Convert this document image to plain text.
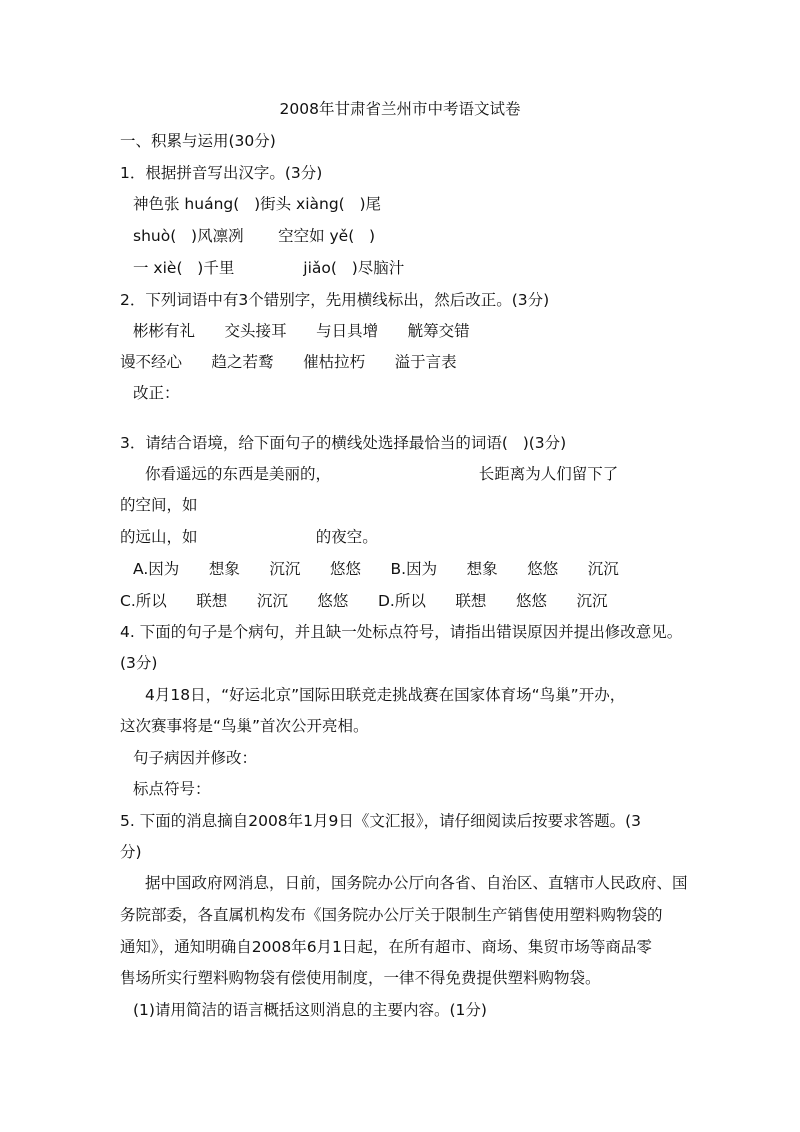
2008年甘肃省兰州市中考语文试卷
一、积累与运用(30分)
1．根据拼音写出汉字。(3分)
神色张 huáng(   )街头 xiàng(   )尾
shuò(   )风凛冽       空空如 yě(   )
一 xiè(   )千里              jiǎo(   )尽脑汁
2．下列词语中有3个错别字，先用横线标出，然后改正。(3分)
彬彬有礼      交头接耳      与日具增      觥筹交错
谩不经心      趋之若鹜      催枯拉朽      溢于言表
改正：
3．请结合语境，给下面句子的横线处选择最恰当的词语(   )(3分)
你看遥远的东西是美丽的，                              长距离为人们留下了
的空间，如
的远山，如                        的夜空。
A.因为      想象      沉沉      悠悠      B.因为      想象      悠悠      沉沉
C.所以      联想      沉沉      悠悠      D.所以      联想      悠悠      沉沉
4. 下面的句子是个病句，并且缺一处标点符号，请指出错误原因并提出修改意见。
(3分)
4月18日，“好运北京”国际田联竞走挑战赛在国家体育场“鸟巢”开办，
这次赛事将是“鸟巢”首次公开亮相。
句子病因并修改：
标点符号：
5. 下面的消息摘自2008年1月9日《文汇报》，请仔细阅读后按要求答题。(3
分)
据中国政府网消息，日前，国务院办公厅向各省、自治区、直辖市人民政府、国
务院部委，各直属机构发布《国务院办公厅关于限制生产销售使用塑料购物袋的
通知》，通知明确自2008年6月1日起，在所有超市、商场、集贸市场等商品零
售场所实行塑料购物袋有偿使用制度，一律不得免费提供塑料购物袋。
(1)请用简洁的语言概括这则消息的主要内容。(1分)
